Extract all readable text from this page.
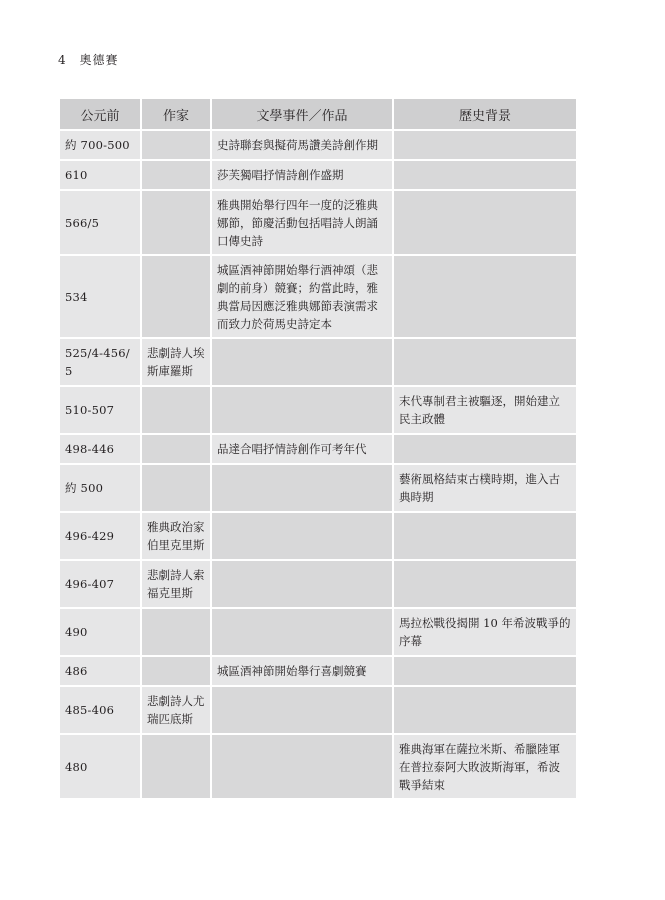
4 奧德賽
公元前	作家	文學事件／作品	歷史背景
約 700-500		史詩聯套與擬荷馬讚美詩創作期	
610		莎芙獨唱抒情詩創作盛期	
566/5		雅典開始舉行四年一度的泛雅典娜節，節慶活動包括唱詩人朗誦口傳史詩	
534		城區酒神節開始舉行酒神頌（悲劇的前身）競賽；約當此時，雅典當局因應泛雅典娜節表演需求而致力於荷馬史詩定本	
525/4-456/5	悲劇詩人埃斯庫羅斯		
510-507			末代專制君主被驅逐，開始建立民主政體
498-446		品達合唱抒情詩創作可考年代	
約 500			藝術風格結束古樸時期，進入古典時期
496-429	雅典政治家伯里克里斯		
496-407	悲劇詩人索福克里斯		
490			馬拉松戰役揭開 10 年希波戰爭的序幕
486		城區酒神節開始舉行喜劇競賽	
485-406	悲劇詩人尤瑞匹底斯		
480			雅典海軍在薩拉米斯、希臘陸軍在普拉泰阿大敗波斯海軍，希波戰爭結束
